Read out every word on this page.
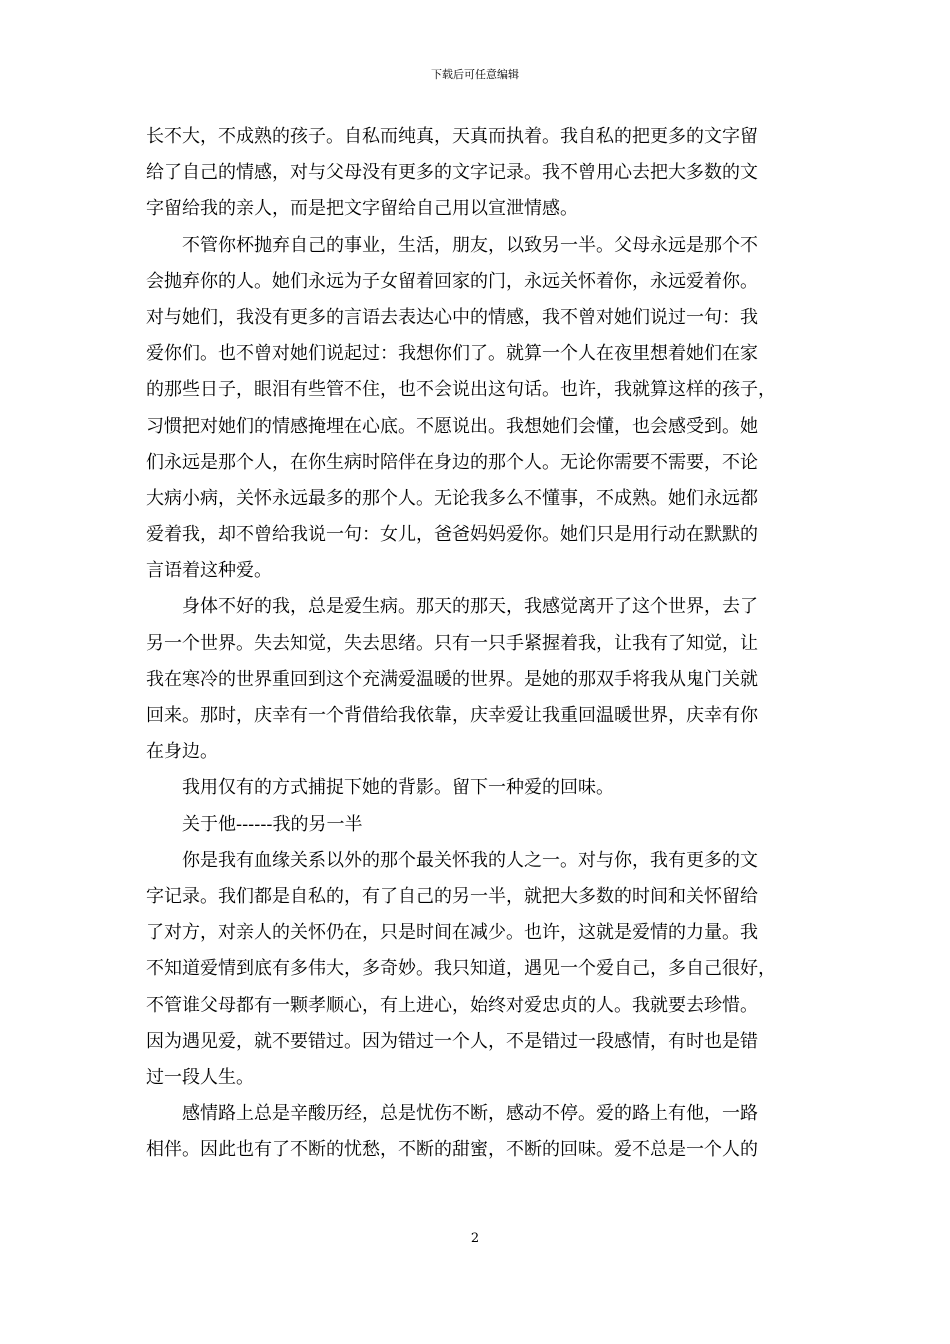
下载后可任意编辑
长不大，不成熟的孩子。自私而纯真，天真而执着。我自私的把更多的文字留
给了自己的情感，对与父母没有更多的文字记录。我不曾用心去把大多数的文
字留给我的亲人，而是把文字留给自己用以宣泄情感。
　　不管你杯抛弃自己的事业，生活，朋友，以致另一半。父母永远是那个不
会抛弃你的人。她们永远为子女留着回家的门，永远关怀着你，永远爱着你。
对与她们，我没有更多的言语去表达心中的情感，我不曾对她们说过一句：我
爱你们。也不曾对她们说起过：我想你们了。就算一个人在夜里想着她们在家
的那些日子，眼泪有些管不住，也不会说出这句话。也许，我就算这样的孩子，
习惯把对她们的情感掩埋在心底。不愿说出。我想她们会懂，也会感受到。她
们永远是那个人，在你生病时陪伴在身边的那个人。无论你需要不需要，不论
大病小病，关怀永远最多的那个人。无论我多么不懂事，不成熟。她们永远都
爱着我，却不曾给我说一句：女儿，爸爸妈妈爱你。她们只是用行动在默默的
言语着这种爱。
　　身体不好的我，总是爱生病。那天的那天，我感觉离开了这个世界，去了
另一个世界。失去知觉，失去思绪。只有一只手紧握着我，让我有了知觉，让
我在寒冷的世界重回到这个充满爱温暖的世界。是她的那双手将我从鬼门关就
回来。那时，庆幸有一个背借给我依靠，庆幸爱让我重回温暖世界，庆幸有你
在身边。
　　我用仅有的方式捕捉下她的背影。留下一种爱的回味。
　　关于他------我的另一半
　　你是我有血缘关系以外的那个最关怀我的人之一。对与你，我有更多的文
字记录。我们都是自私的，有了自己的另一半，就把大多数的时间和关怀留给
了对方，对亲人的关怀仍在，只是时间在减少。也许，这就是爱情的力量。我
不知道爱情到底有多伟大，多奇妙。我只知道，遇见一个爱自己，多自己很好，
不管谁父母都有一颗孝顺心，有上进心，始终对爱忠贞的人。我就要去珍惜。
因为遇见爱，就不要错过。因为错过一个人，不是错过一段感情，有时也是错
过一段人生。
　　感情路上总是辛酸历经，总是忧伤不断，感动不停。爱的路上有他，一路
相伴。因此也有了不断的忧愁，不断的甜蜜，不断的回味。爱不总是一个人的
2
